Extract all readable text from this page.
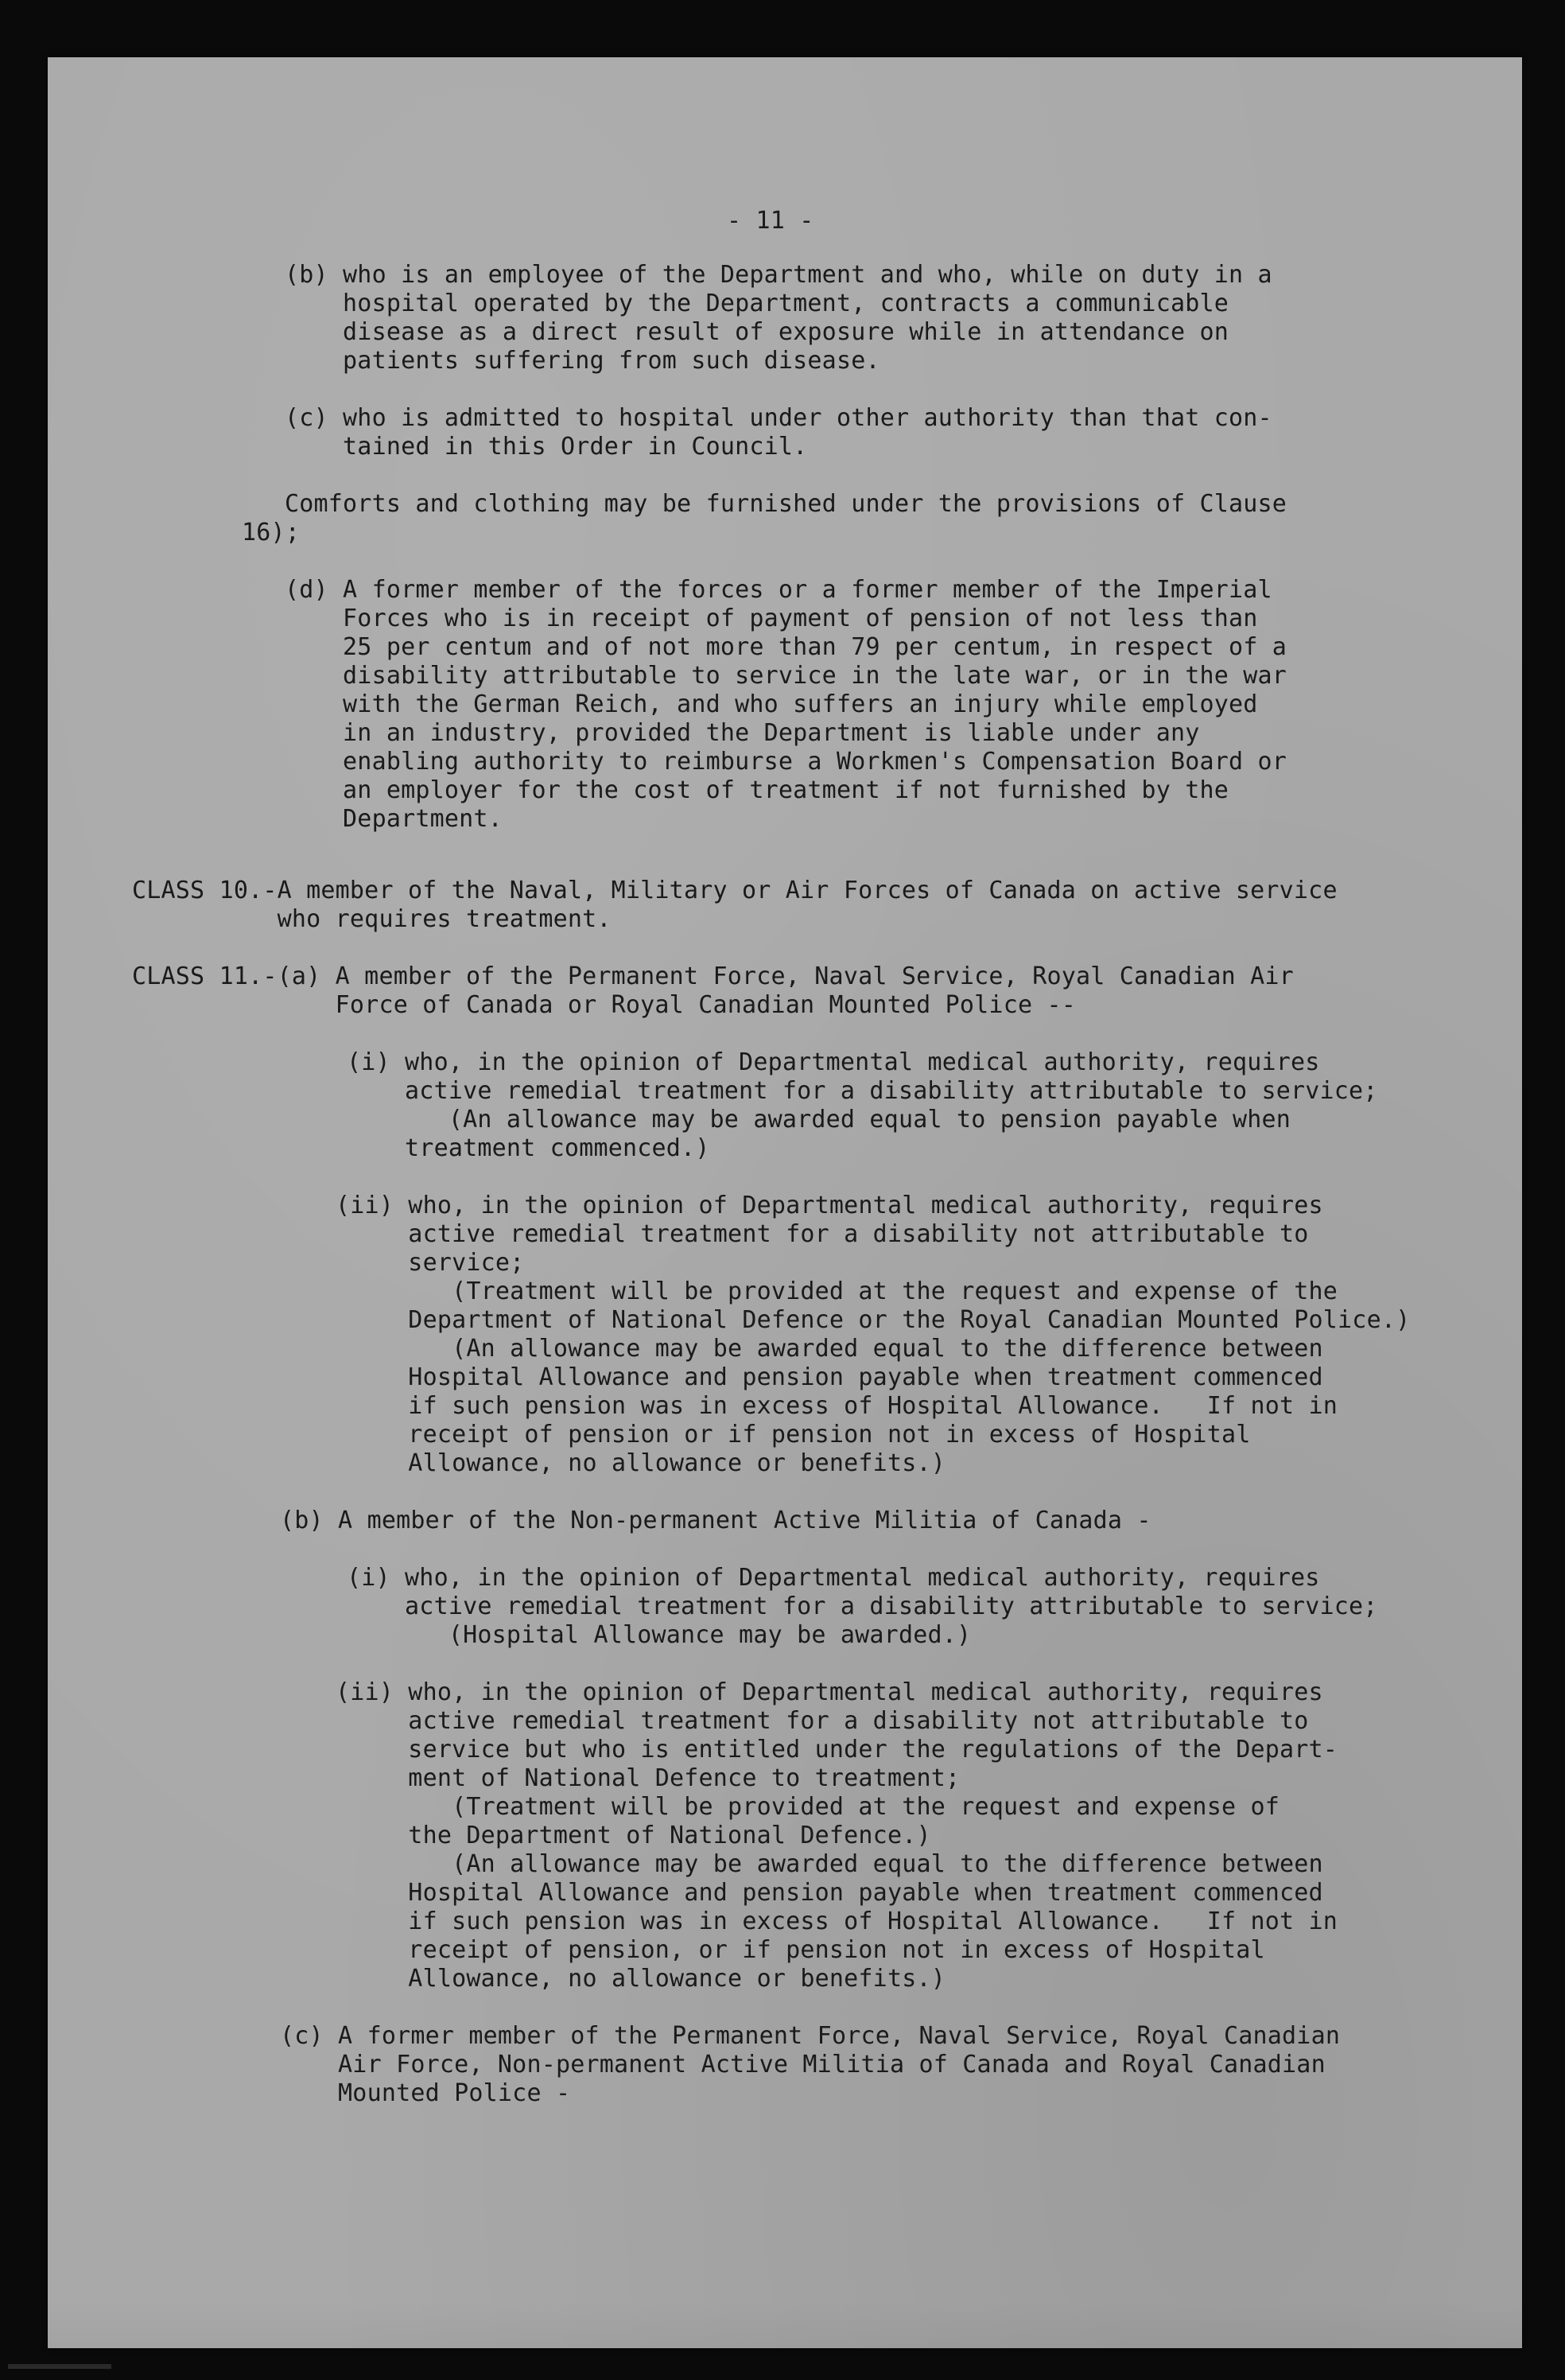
- 11 -

(b) who is an employee of the Department and who, while on duty in a

hospital operated by the Department, contracts a communicable

disease as a direct result of exposure while in attendance on

patients suffering from such disease.

(c) who is admitted to hospital under other authority than that con-

tained in this Order in Council.

Comforts and clothing may be furnished under the provisions of Clause

16);

(d) A former member of the forces or a former member of the Imperial

Forces who is in receipt of payment of pension of not less than

25 per centum and of not more than 79 per centum, in respect of a

disability attributable to service in the late war, or in the war

with the German Reich, and who suffers an injury while employed

in an industry, provided the Department is liable under any

enabling authority to reimburse a Workmen's Compensation Board or

an employer for the cost of treatment if not furnished by the

Department.

CLASS 10.-A member of the Naval, Military or Air Forces of Canada on active service

who requires treatment.

CLASS 11.-(a) A member of the Permanent Force, Naval Service, Royal Canadian Air

Force of Canada or Royal Canadian Mounted Police --

(i) who, in the opinion of Departmental medical authority, requires

active remedial treatment for a disability attributable to service;

(An allowance may be awarded equal to pension payable when

treatment commenced.)

(ii) who, in the opinion of Departmental medical authority, requires

active remedial treatment for a disability not attributable to

service;

(Treatment will be provided at the request and expense of the

Department of National Defence or the Royal Canadian Mounted Police.)

(An allowance may be awarded equal to the difference between

Hospital Allowance and pension payable when treatment commenced

if such pension was in excess of Hospital Allowance.   If not in

receipt of pension or if pension not in excess of Hospital

Allowance, no allowance or benefits.)

(b) A member of the Non-permanent Active Militia of Canada -

(i) who, in the opinion of Departmental medical authority, requires

active remedial treatment for a disability attributable to service;

(Hospital Allowance may be awarded.)

(ii) who, in the opinion of Departmental medical authority, requires

active remedial treatment for a disability not attributable to

service but who is entitled under the regulations of the Depart-

ment of National Defence to treatment;

(Treatment will be provided at the request and expense of

the Department of National Defence.)

(An allowance may be awarded equal to the difference between

Hospital Allowance and pension payable when treatment commenced

if such pension was in excess of Hospital Allowance.   If not in

receipt of pension, or if pension not in excess of Hospital

Allowance, no allowance or benefits.)

(c) A former member of the Permanent Force, Naval Service, Royal Canadian

Air Force, Non-permanent Active Militia of Canada and Royal Canadian

Mounted Police -
